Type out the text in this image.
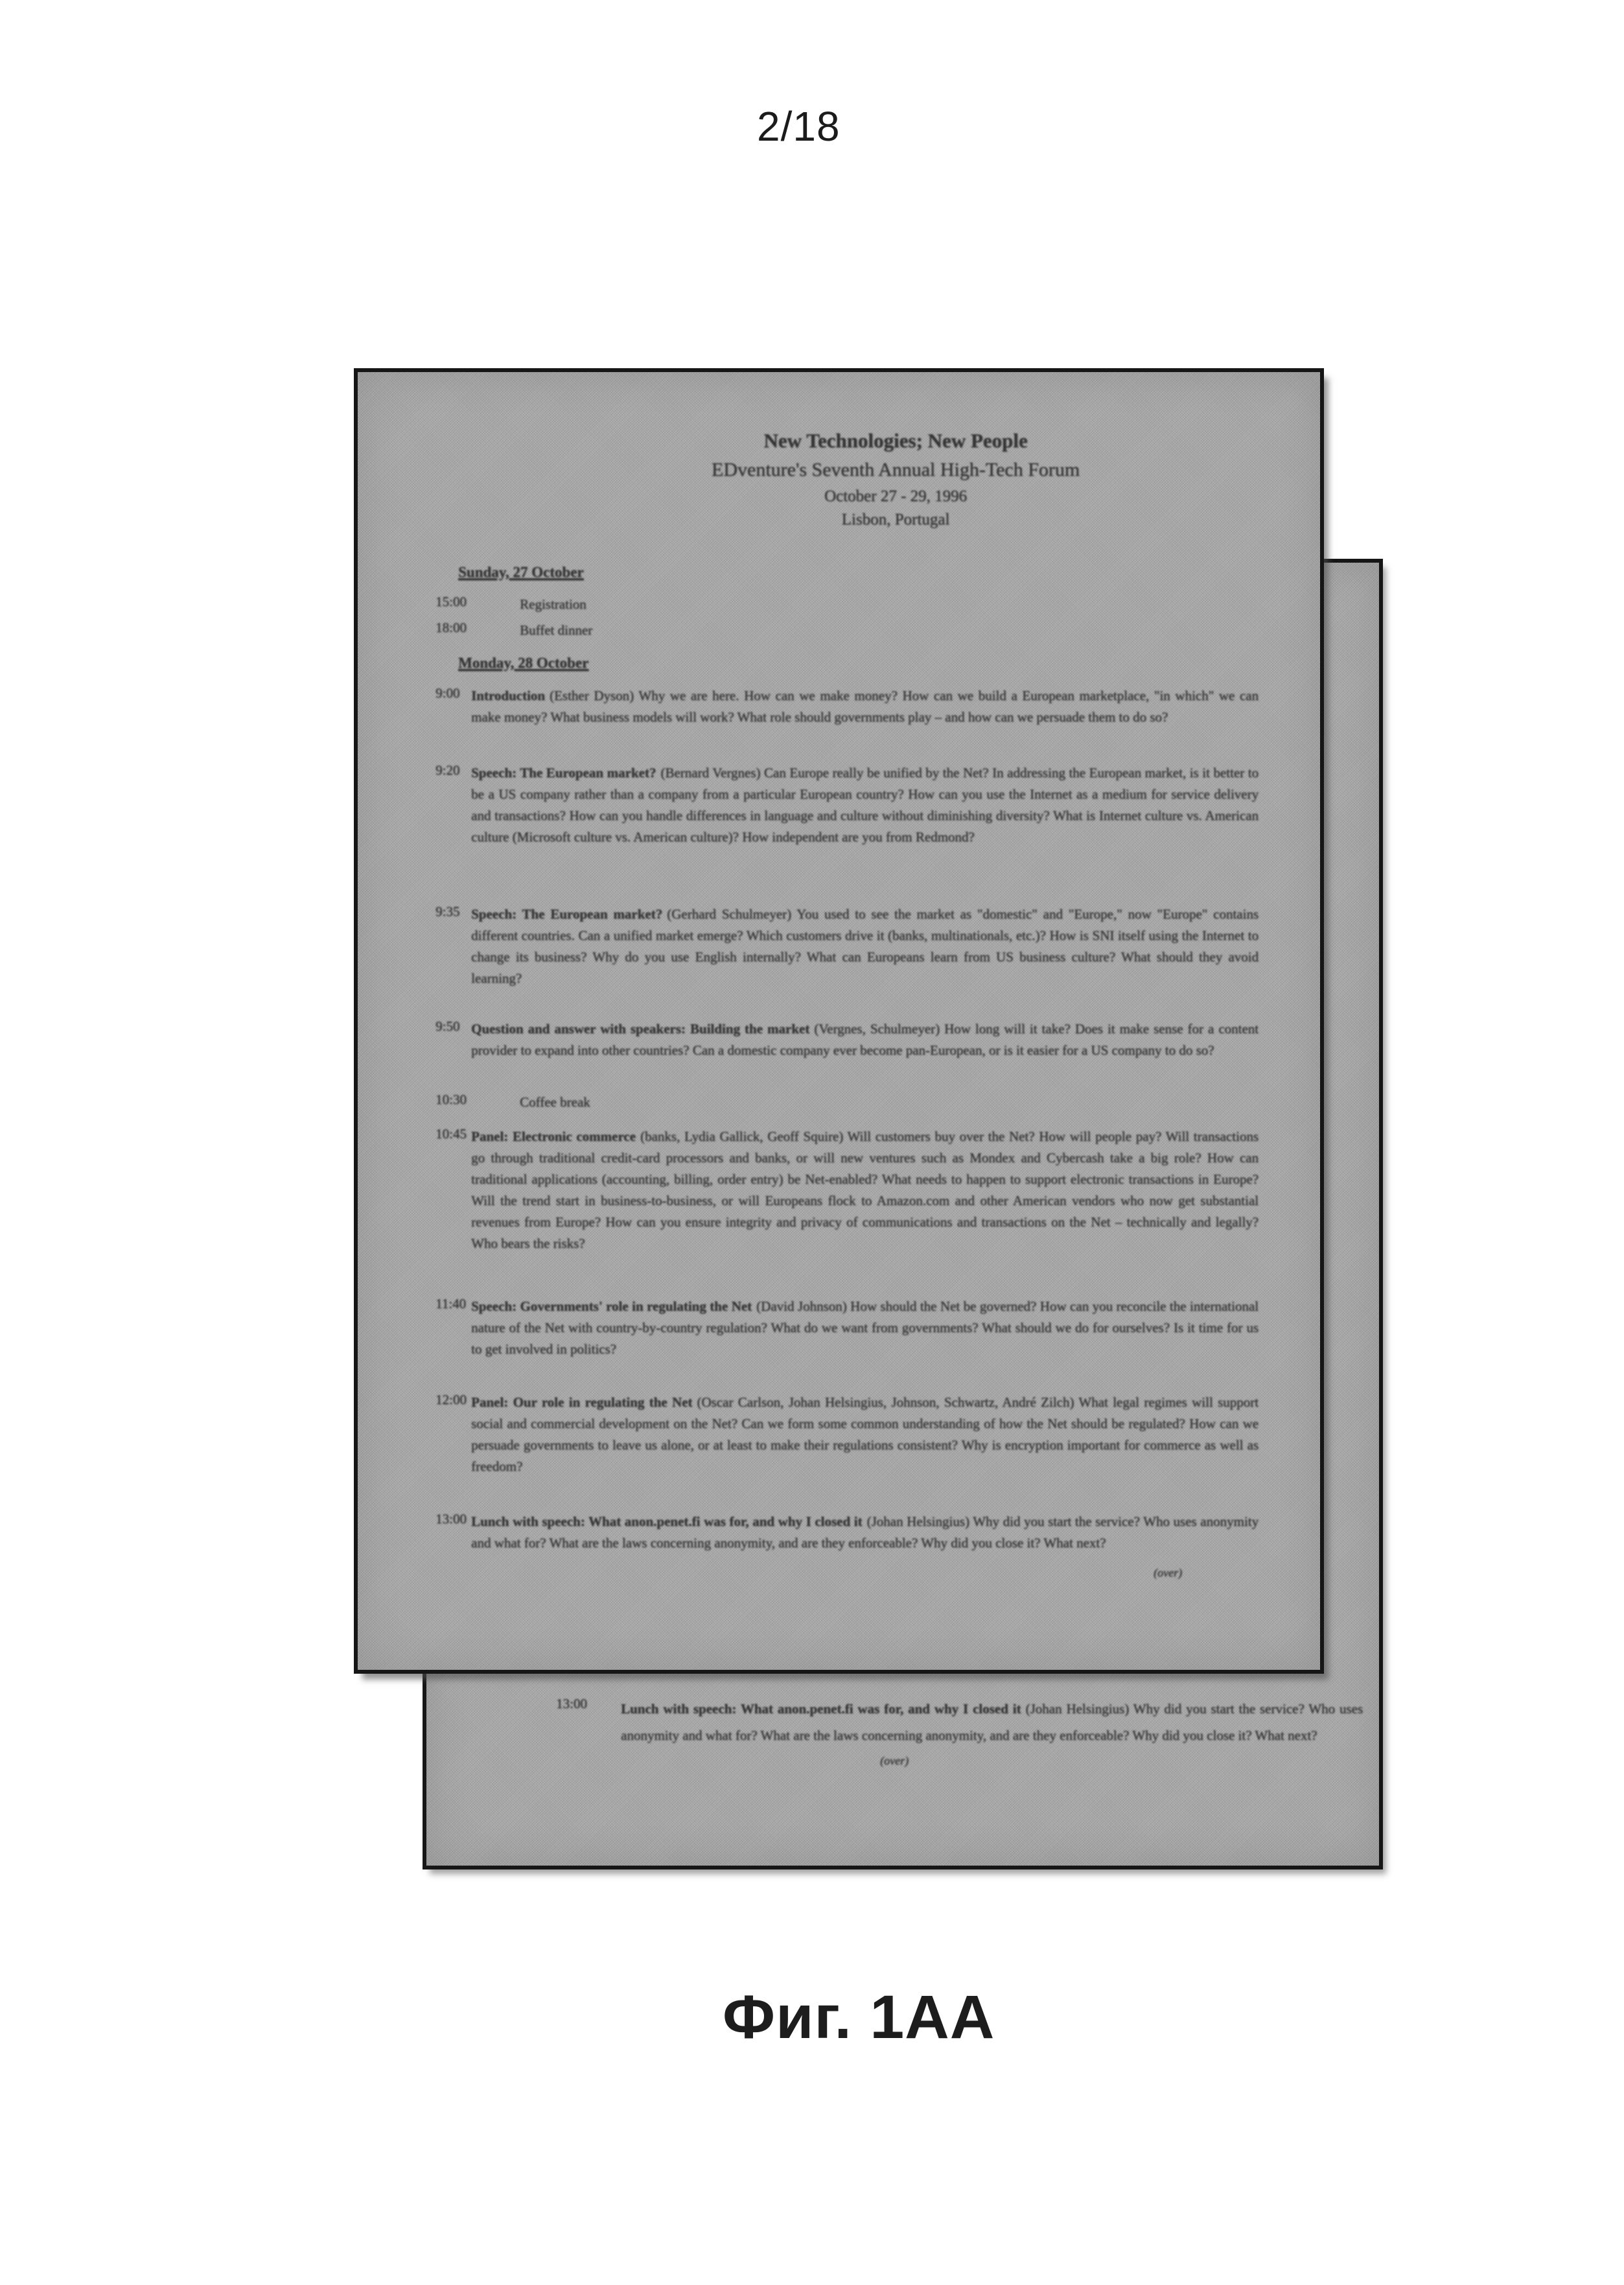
2/18
13:00 Lunch with speech: What anon.penet.fi was for, and why I closed it (Johan Helsingius) Why did you start the service? Who uses anonymity and what for? What are the laws concerning anonymity, and are they enforceable? Why did you close it? What next?

(over)
New Technologies; New People
EDventure's Seventh Annual High-Tech Forum
October 27 - 29, 1996
Lisbon, Portugal
Sunday, 27 October
15:00	Registration

18:00	Buffet dinner

Monday, 28 October
9:00 Introduction (Esther Dyson) Why we are here. How can we make money? How can we build a European marketplace, "in which" we can make money? What business models will work? What role should governments play – and how can we persuade them to do so?

9:20 Speech: The European market? (Bernard Vergnes) Can Europe really be unified by the Net? In addressing the European market, is it better to be a US company rather than a company from a particular European country? How can you use the Internet as a medium for service delivery and transactions? How can you handle differences in language and culture without diminishing diversity? What is Internet culture vs. American culture (Microsoft culture vs. American culture)? How independent are you from Redmond?

9:35 Speech: The European market? (Gerhard Schulmeyer) You used to see the market as "domestic" and "Europe," now "Europe" contains different countries. Can a unified market emerge? Which customers drive it (banks, multinationals, etc.)? How is SNI itself using the Internet to change its business? Why do you use English internally? What can Europeans learn from US business culture? What should they avoid learning?

9:50 Question and answer with speakers: Building the market (Vergnes, Schulmeyer) How long will it take? Does it make sense for a content provider to expand into other countries? Can a domestic company ever become pan-European, or is it easier for a US company to do so?

10:30	Coffee break

10:45 Panel: Electronic commerce (banks, Lydia Gallick, Geoff Squire) Will customers buy over the Net? How will people pay? Will transactions go through traditional credit-card processors and banks, or will new ventures such as Mondex and Cybercash take a big role? How can traditional applications (accounting, billing, order entry) be Net-enabled? What needs to happen to support electronic transactions in Europe? Will the trend start in business-to-business, or will Europeans flock to Amazon.com and other American vendors who now get substantial revenues from Europe? How can you ensure integrity and privacy of communications and transactions on the Net – technically and legally? Who bears the risks?

11:40 Speech: Governments' role in regulating the Net (David Johnson) How should the Net be governed? How can you reconcile the international nature of the Net with country-by-country regulation? What do we want from governments? What should we do for ourselves? Is it time for us to get involved in politics?

12:00 Panel: Our role in regulating the Net (Oscar Carlson, Johan Helsingius, Johnson, Schwartz, André Zilch) What legal regimes will support social and commercial development on the Net? Can we form some common understanding of how the Net should be regulated? How can we persuade governments to leave us alone, or at least to make their regulations consistent? Why is encryption important for commerce as well as freedom?

13:00 Lunch with speech: What anon.penet.fi was for, and why I closed it (Johan Helsingius) Why did you start the service? Who uses anonymity and what for? What are the laws concerning anonymity, and are they enforceable? Why did you close it? What next?

(over)
Фиг. 1АА
